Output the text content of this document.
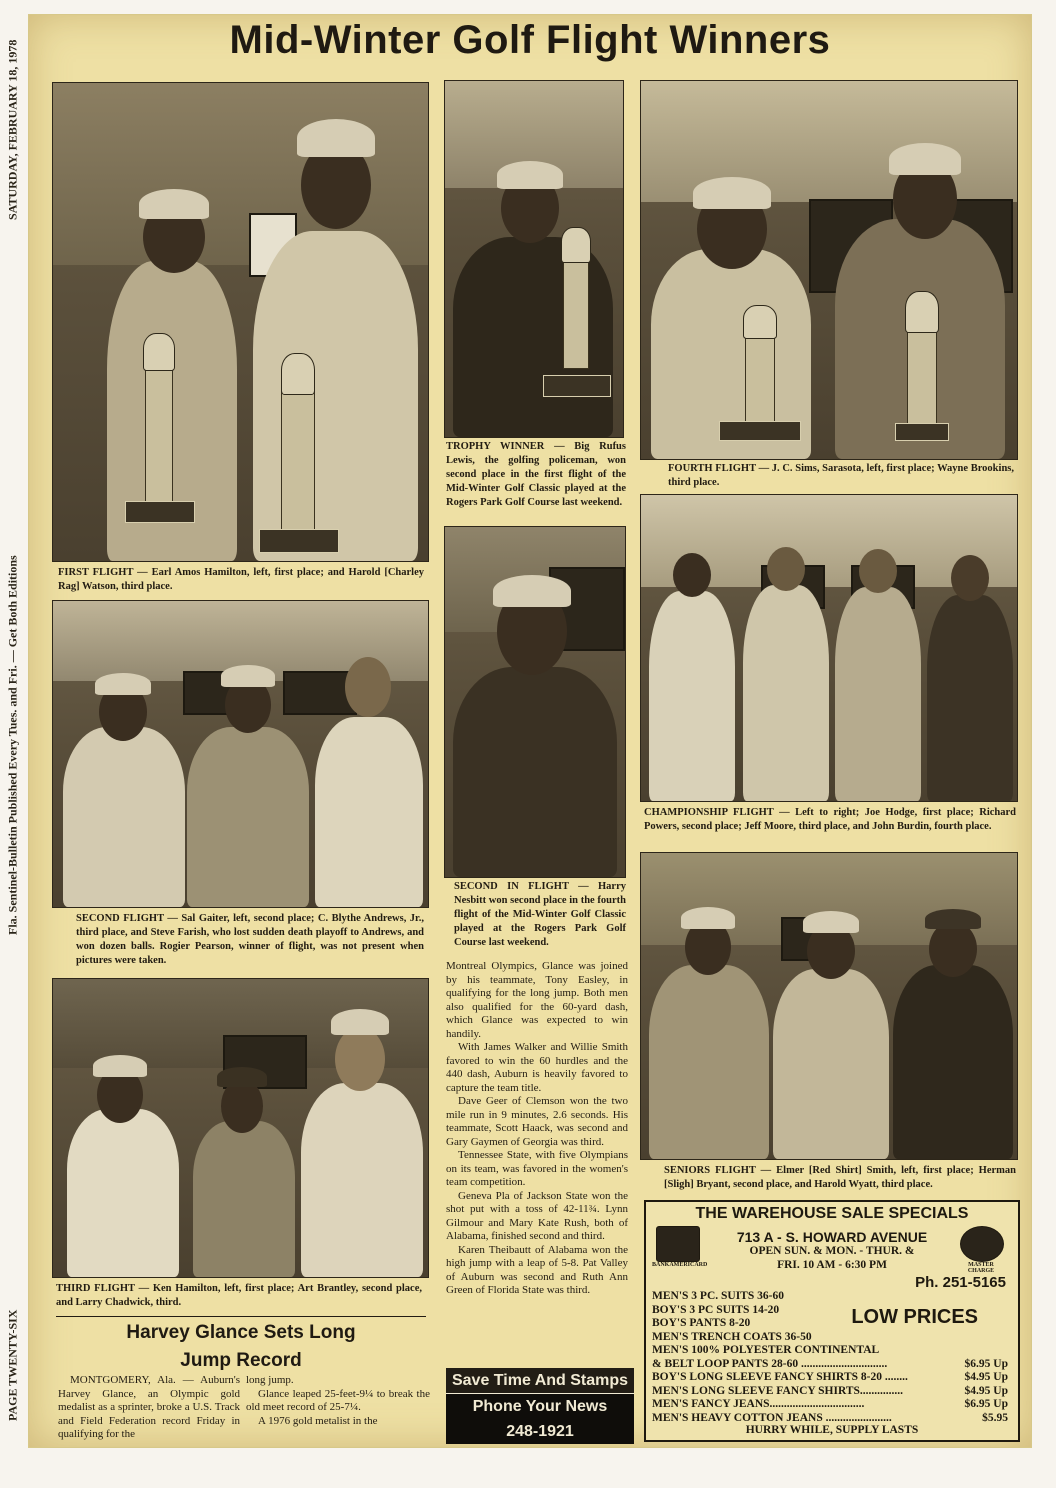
SATURDAY, FEBRUARY 18, 1978
Fla. Sentinel-Bulletin Published Every Tues. and Fri. — Get Both Editions
PAGE TWENTY-SIX
Mid-Winter Golf Flight Winners
FIRST FLIGHT — Earl Amos Hamilton, left, first place; and Harold [Charley Rag] Watson, third place.
TROPHY WINNER — Big Rufus Lewis, the golfing policeman, won second place in the first flight of the Mid-Winter Golf Classic played at the Rogers Park Golf Course last weekend.
FOURTH FLIGHT — J. C. Sims, Sarasota, left, first place; Wayne Brookins, third place.
CHAMPIONSHIP FLIGHT — Left to right; Joe Hodge, first place; Richard Powers, second place; Jeff Moore, third place, and John Burdin, fourth place.
SECOND FLIGHT — Sal Gaiter, left, second place; C. Blythe Andrews, Jr., third place, and Steve Farish, who lost sudden death playoff to Andrews, and won dozen balls. Rogier Pearson, winner of flight, was not present when pictures were taken.
SECOND IN FLIGHT — Harry Nesbitt won second place in the fourth flight of the Mid-Winter Golf Classic played at the Rogers Park Golf Course last weekend.
SENIORS FLIGHT — Elmer [Red Shirt] Smith, left, first place; Herman [Sligh] Bryant, second place, and Harold Wyatt, third place.
THIRD FLIGHT — Ken Hamilton, left, first place; Art Brantley, second place, and Larry Chadwick, third.
Harvey Glance Sets Long
Jump Record

MONTGOMERY, Ala. — Auburn's Harvey Glance, an Olympic gold medalist as a sprinter, broke a U.S. Track and Field Federation record Friday in qualifying for the

long jump.

Glance leaped 25-feet-9¼ to break the old meet record of 25-7¼.

A 1976 gold metalist in the

Montreal Olympics, Glance was joined by his teammate, Tony Easley, in qualifying for the long jump. Both men also qualified for the 60-yard dash, which Glance was expected to win handily.

With James Walker and Willie Smith favored to win the 60 hurdles and the 440 dash, Auburn is heavily favored to capture the team title.

Dave Geer of Clemson won the two mile run in 9 minutes, 2.6 seconds. His teammate, Scott Haack, was second and Gary Gaymen of Georgia was third.

Tennessee State, with five Olympians on its team, was favored in the women's team competition.

Geneva Pla of Jackson State won the shot put with a toss of 42-11¾. Lynn Gilmour and Mary Kate Rush, both of Alabama, finished second and third.

Karen Theibautt of Alabama won the high jump with a leap of 5-8. Pat Valley of Auburn was second and Ruth Ann Green of Florida State was third.

Save Time And Stamps
Phone Your News
248-1921
THE WAREHOUSE SALE SPECIALS
BANKAMERICARD	MASTER CHARGE
713 A - S. HOWARD AVENUE
OPEN SUN. & MON. - THUR. &
FRI. 10 AM - 6:30 PM
Ph. 251-5165
LOW PRICES
MEN'S 3 PC. SUITS 36-60
BOY'S 3 PC SUITS 14-20
BOY'S PANTS 8-20
MEN'S TRENCH COATS 36-50
MEN'S 100% POLYESTER CONTINENTAL
& BELT LOOP PANTS 28-60 ..............................	$6.95 Up
BOY'S LONG SLEEVE FANCY SHIRTS 8-20 ........	$4.95 Up
MEN'S LONG SLEEVE FANCY SHIRTS...............	$4.95 Up
MEN'S FANCY JEANS.................................	$6.95 Up
MEN'S HEAVY COTTON JEANS .......................	$5.95
HURRY WHILE, SUPPLY LASTS
